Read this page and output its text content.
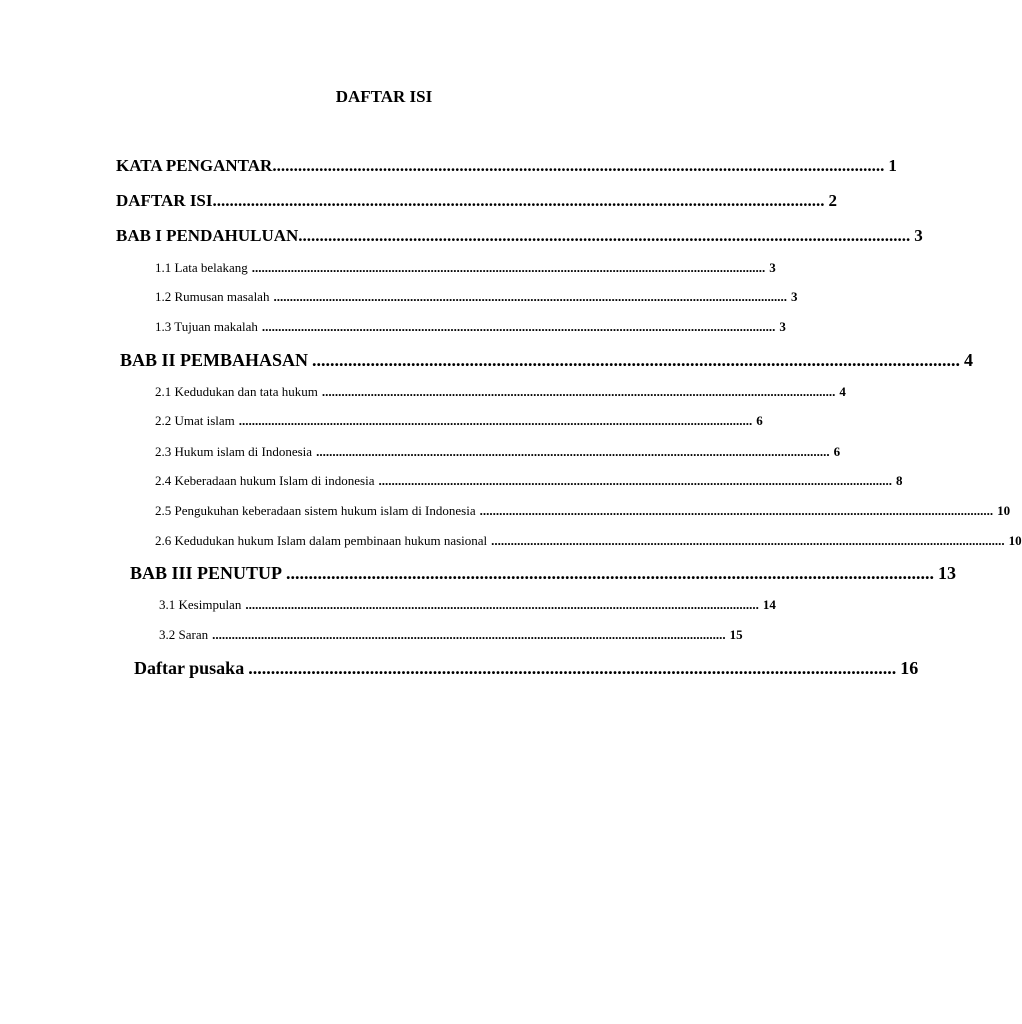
DAFTAR ISI
KATA PENGANTAR ................................................................................................................................................ 1
DAFTAR ISI ................................................................................................................................................ 2
BAB I PENDAHULUAN ................................................................................................................................................ 3
1.1 Lata belakang .............................................................................................................................................................. 3
1.2 Rumusan masalah .............................................................................................................................................................. 3
1.3 Tujuan makalah .............................................................................................................................................................. 3
BAB II PEMBAHASAN ................................................................................................................................................ 4
2.1 Kedudukan dan tata hukum .............................................................................................................................................................. 4
2.2 Umat islam .............................................................................................................................................................. 6
2.3 Hukum islam di Indonesia .............................................................................................................................................................. 6
2.4 Keberadaan hukum Islam di indonesia .............................................................................................................................................................. 8
2.5 Pengukuhan keberadaan sistem hukum islam di Indonesia .............................................................................................................................................................. 10
2.6 Kedudukan hukum Islam dalam pembinaan hukum nasional .............................................................................................................................................................. 10
BAB III PENUTUP ................................................................................................................................................ 13
3.1 Kesimpulan .............................................................................................................................................................. 14
3.2 Saran .............................................................................................................................................................. 15
Daftar pusaka ................................................................................................................................................ 16
